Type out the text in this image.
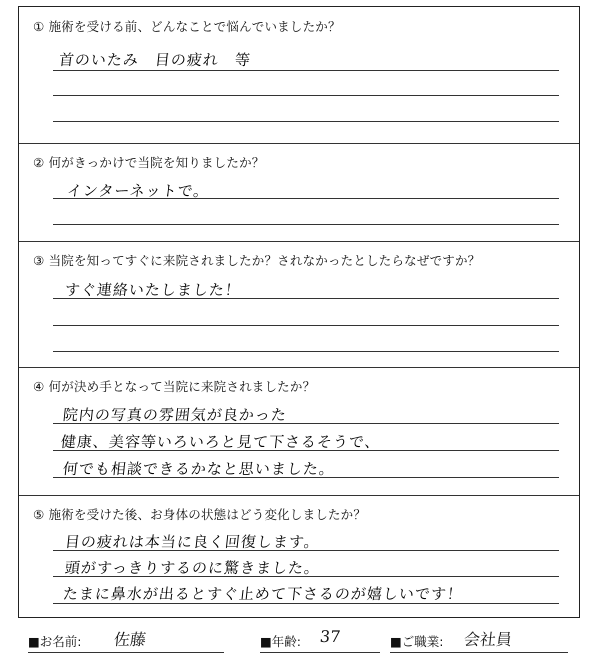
① 施術を受ける前、どんなことで悩んでいましたか？
首のいたみ　目の疲れ　等
② 何がきっかけで当院を知りましたか？
インターネットで。
③ 当院を知ってすぐに来院されましたか？されなかったとしたらなぜですか？
すぐ連絡いたしました！
④ 何が決め手となって当院に来院されましたか？
院内の写真の雰囲気が良かった
健康、美容等いろいろと見て下さるそうで、
何でも相談できるかなと思いました。
⑤ 施術を受けた後、お身体の状態はどう変化しましたか？
目の疲れは本当に良く回復します。
頭がすっきりするのに驚きました。
たまに鼻水が出るとすぐ止めて下さるのが嬉しいです！
■お名前: 佐藤	■年齢: 37	■ご職業: 会社員
